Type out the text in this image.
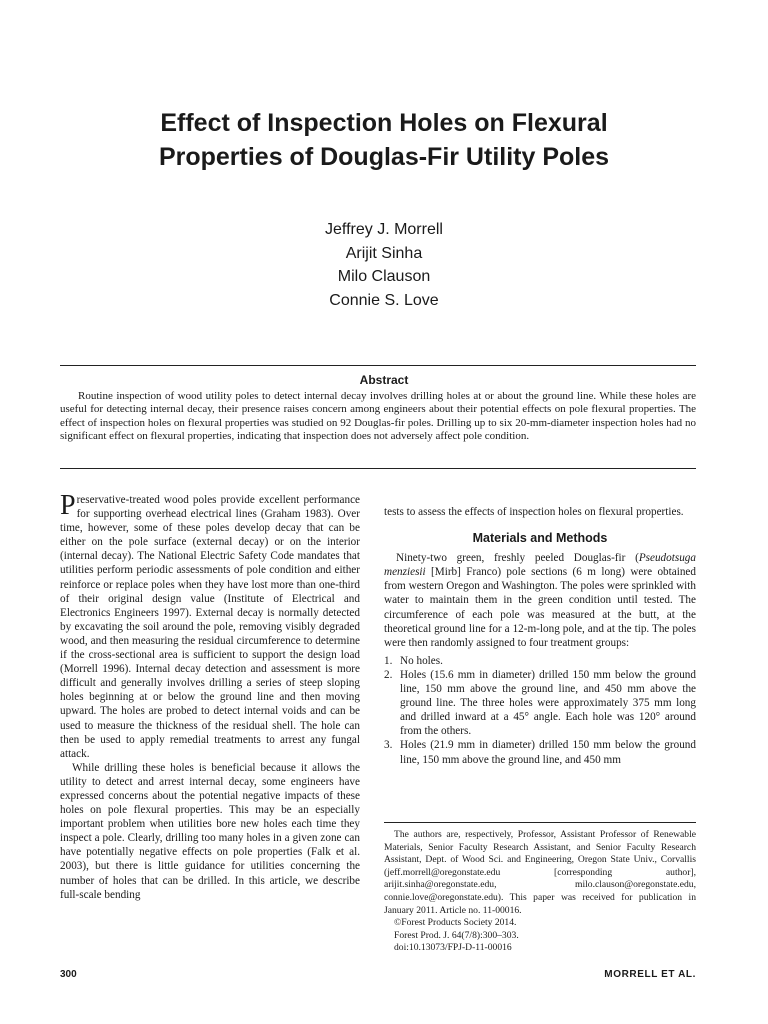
Effect of Inspection Holes on Flexural
Properties of Douglas-Fir Utility Poles
Jeffrey J. Morrell
Arijit Sinha
Milo Clauson
Connie S. Love
Abstract

Routine inspection of wood utility poles to detect internal decay involves drilling holes at or about the ground line. While these holes are useful for detecting internal decay, their presence raises concern among engineers about their potential effects on pole flexural properties. The effect of inspection holes on flexural properties was studied on 92 Douglas-fir poles. Drilling up to six 20-mm-diameter inspection holes had no significant effect on flexural properties, indicating that inspection does not adversely affect pole condition.

Preservative-treated wood poles provide excellent performance for supporting overhead electrical lines (Graham 1983). Over time, however, some of these poles develop decay that can be either on the pole surface (external decay) or on the interior (internal decay). The National Electric Safety Code mandates that utilities perform periodic assessments of pole condition and either reinforce or replace poles when they have lost more than one-third of their original design value (Institute of Electrical and Electronics Engineers 1997). External decay is normally detected by excavating the soil around the pole, removing visibly degraded wood, and then measuring the residual circumference to determine if the cross-sectional area is sufficient to support the design load (Morrell 1996). Internal decay detection and assessment is more difficult and generally involves drilling a series of steep sloping holes beginning at or below the ground line and then moving upward. The holes are probed to detect internal voids and can be used to measure the thickness of the residual shell. The hole can then be used to apply remedial treatments to arrest any fungal attack.

While drilling these holes is beneficial because it allows the utility to detect and arrest internal decay, some engineers have expressed concerns about the potential negative impacts of these holes on pole flexural properties. This may be an especially important problem when utilities bore new holes each time they inspect a pole. Clearly, drilling too many holes in a given zone can have potentially negative effects on pole properties (Falk et al. 2003), but there is little guidance for utilities concerning the number of holes that can be drilled. In this article, we describe full-scale bending

tests to assess the effects of inspection holes on flexural properties.

Materials and Methods

Ninety-two green, freshly peeled Douglas-fir (Pseudotsuga menziesii [Mirb] Franco) pole sections (6 m long) were obtained from western Oregon and Washington. The poles were sprinkled with water to maintain them in the green condition until tested. The circumference of each pole was measured at the butt, at the theoretical ground line for a 12-m-long pole, and at the tip. The poles were then randomly assigned to four treatment groups:

1. No holes.
2. Holes (15.6 mm in diameter) drilled 150 mm below the ground line, 150 mm above the ground line, and 450 mm above the ground line. The three holes were approximately 375 mm long and drilled inward at a 45° angle. Each hole was 120° around from the others.
3. Holes (21.9 mm in diameter) drilled 150 mm below the ground line, 150 mm above the ground line, and 450 mm

The authors are, respectively, Professor, Assistant Professor of Renewable Materials, Senior Faculty Research Assistant, and Senior Faculty Research Assistant, Dept. of Wood Sci. and Engineering, Oregon State Univ., Corvallis (jeff.morrell@oregonstate.edu [corresponding author], arijit.sinha@oregonstate.edu, milo.clauson@oregonstate.edu, connie.love@oregonstate.edu). This paper was received for publication in January 2011. Article no. 11-00016.

©Forest Products Society 2014.
Forest Prod. J. 64(7/8):300–303.
doi:10.13073/FPJ-D-11-00016
300	MORRELL ET AL.
